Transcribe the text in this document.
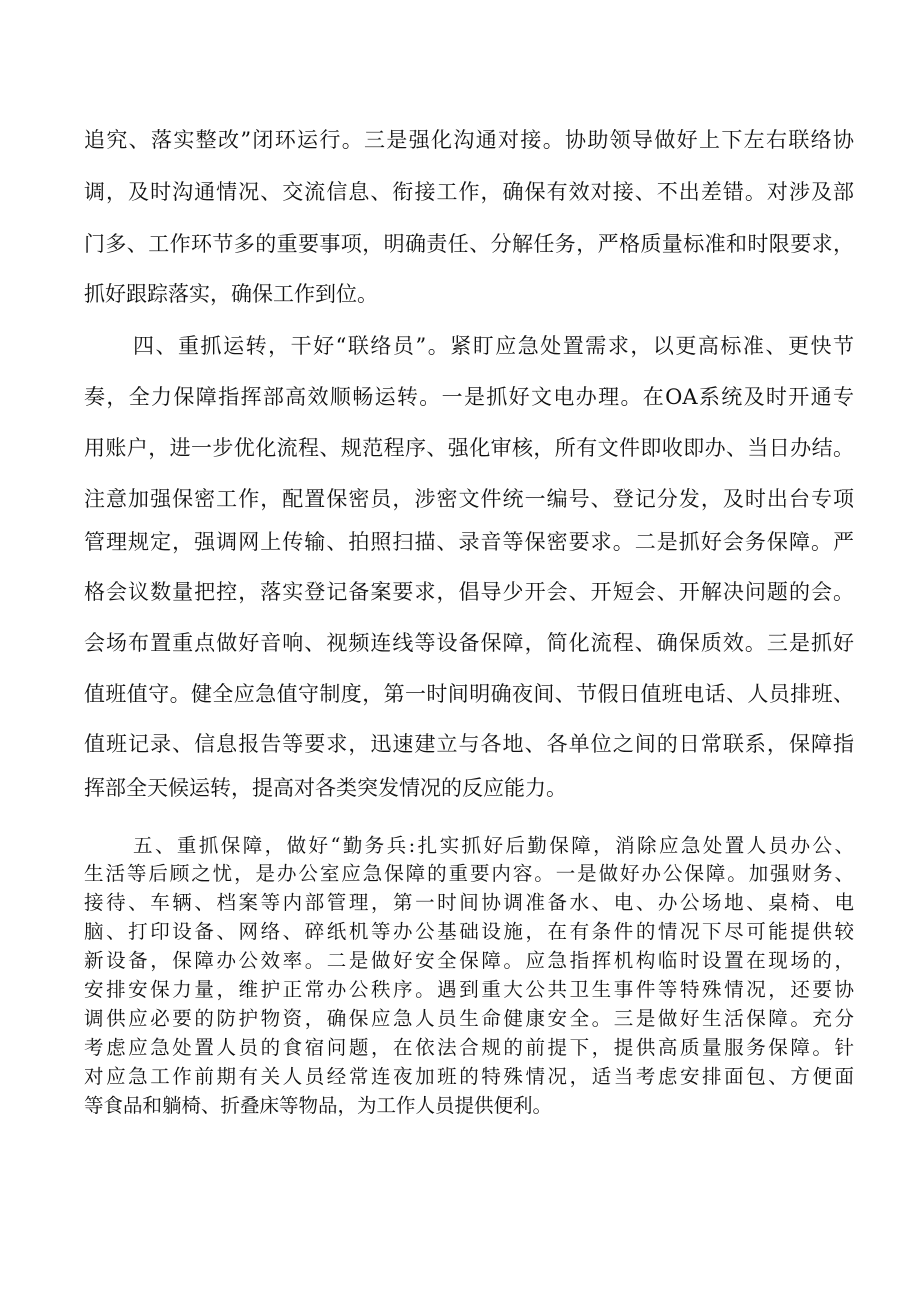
追究、落实整改”闭环运行。三是强化沟通对接。协助领导做好上下左右联络协
调，及时沟通情况、交流信息、衔接工作，确保有效对接、不出差错。对涉及部
门多、工作环节多的重要事项，明确责任、分解任务，严格质量标准和时限要求，
抓好跟踪落实，确保工作到位。
四、重抓运转，干好“联络员”。紧盯应急处置需求，以更高标准、更快节
奏，全力保障指挥部高效顺畅运转。一是抓好文电办理。在OA系统及时开通专
用账户，进一步优化流程、规范程序、强化审核，所有文件即收即办、当日办结。
注意加强保密工作，配置保密员，涉密文件统一编号、登记分发，及时出台专项
管理规定，强调网上传输、拍照扫描、录音等保密要求。二是抓好会务保障。严
格会议数量把控，落实登记备案要求，倡导少开会、开短会、开解决问题的会。
会场布置重点做好音响、视频连线等设备保障，简化流程、确保质效。三是抓好
值班值守。健全应急值守制度，第一时间明确夜间、节假日值班电话、人员排班、
值班记录、信息报告等要求，迅速建立与各地、各单位之间的日常联系，保障指
挥部全天候运转，提高对各类突发情况的反应能力。
五、重抓保障，做好“勤务兵:扎实抓好后勤保障，消除应急处置人员办公、
生活等后顾之忧，是办公室应急保障的重要内容。一是做好办公保障。加强财务、
接待、车辆、档案等内部管理，第一时间协调准备水、电、办公场地、桌椅、电
脑、打印设备、网络、碎纸机等办公基础设施，在有条件的情况下尽可能提供较
新设备，保障办公效率。二是做好安全保障。应急指挥机构临时设置在现场的，
安排安保力量，维护正常办公秩序。遇到重大公共卫生事件等特殊情况，还要协
调供应必要的防护物资，确保应急人员生命健康安全。三是做好生活保障。充分
考虑应急处置人员的食宿问题，在依法合规的前提下，提供高质量服务保障。针
对应急工作前期有关人员经常连夜加班的特殊情况，适当考虑安排面包、方便面
等食品和躺椅、折叠床等物品，为工作人员提供便利。
